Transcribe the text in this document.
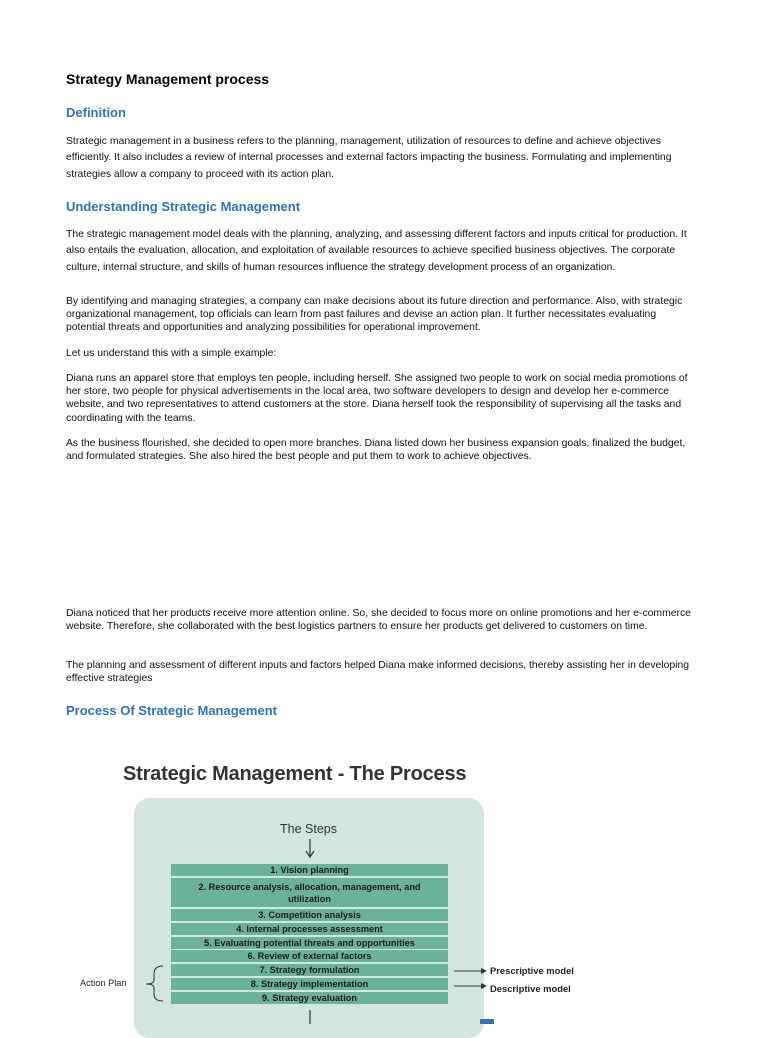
Strategy Management process
Definition

Strategic management in a business refers to the planning, management, utilization of resources to define and achieve objectives efficiently. It also includes a review of internal processes and external factors impacting the business. Formulating and implementing strategies allow a company to proceed with its action plan.

Understanding Strategic Management

The strategic management model deals with the planning, analyzing, and assessing different factors and inputs critical for production. It also entails the evaluation, allocation, and exploitation of available resources to achieve specified business objectives. The corporate culture, internal structure, and skills of human resources influence the strategy development process of an organization.

By identifying and managing strategies, a company can make decisions about its future direction and performance. Also, with strategic organizational management, top officials can learn from past failures and devise an action plan. It further necessitates evaluating potential threats and opportunities and analyzing possibilities for operational improvement.

Let us understand this with a simple example:

Diana runs an apparel store that employs ten people, including herself. She assigned two people to work on social media promotions of her store, two people for physical advertisements in the local area, two software developers to design and develop her e-commerce website, and two representatives to attend customers at the store. Diana herself took the responsibility of supervising all the tasks and coordinating with the teams.

As the business flourished, she decided to open more branches. Diana listed down her business expansion goals, finalized the budget, and formulated strategies. She also hired the best people and put them to work to achieve objectives.

Diana noticed that her products receive more attention online. So, she decided to focus more on online promotions and her e-commerce website. Therefore, she collaborated with the best logistics partners to ensure her products get delivered to customers on time.

The planning and assessment of different inputs and factors helped Diana make informed decisions, thereby assisting her in developing effective strategies

Process Of Strategic Management
Strategic Management - The Process
The Steps
1. Vision planning
2. Resource analysis, allocation, management, and utilization
3. Competition analysis
4. Internal processes assessment
5. Evaluating potential threats and opportunities
6. Review of external factors
7. Strategy formulation
8. Strategy implementation
9. Strategy evaluation
Action Plan
Prescriptive model
Descriptive model
